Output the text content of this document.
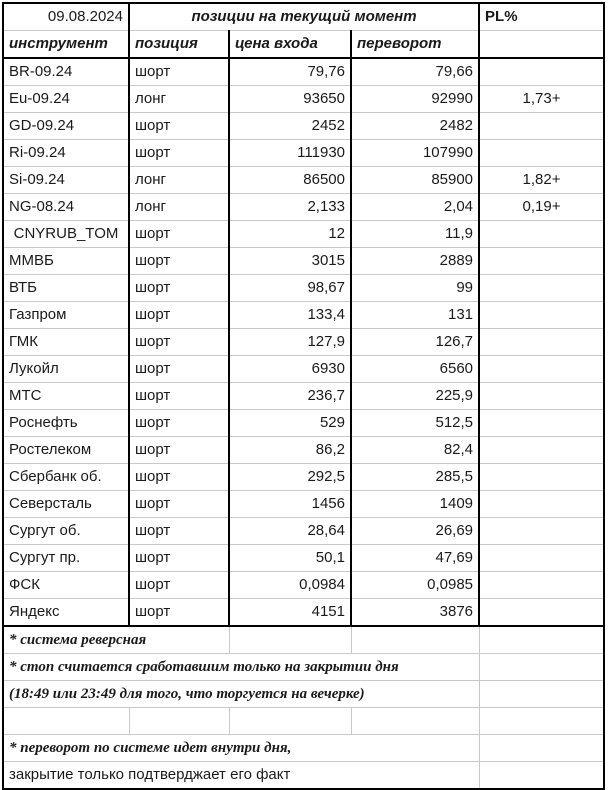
09.08.2024	позиции на текущий момент			PL%
инструмент	позиция	цена входа	переворот	
BR-09.24	шорт	79,76	79,66	
Eu-09.24	лонг	93650	92990	1,73+
GD-09.24	шорт	2452	2482	
Ri-09.24	шорт	111930	107990	
Si-09.24	лонг	86500	85900	1,82+
NG-08.24	лонг	2,133	2,04	0,19+
CNYRUB_TOM	шорт	12	11,9	
ММВБ	шорт	3015	2889	
ВТБ	шорт	98,67	99	
Газпром	шорт	133,4	131	
ГМК	шорт	127,9	126,7	
Лукойл	шорт	6930	6560	
МТС	шорт	236,7	225,9	
Роснефть	шорт	529	512,5	
Ростелеком	шорт	86,2	82,4	
Сбербанк об.	шорт	292,5	285,5	
Северсталь	шорт	1456	1409	
Сургут об.	шорт	28,64	26,69	
Сургут пр.	шорт	50,1	47,69	
ФСК	шорт	0,0984	0,0985	
Яндекс	шорт	4151	3876	
* система реверсная				
* стоп считается сработавшим только на закрытии дня				
(18:49 или 23:49 для того, что торгуется на вечерке)				

* переворот по системе идет внутри дня,				
закрытие только подтверджает его факт				
